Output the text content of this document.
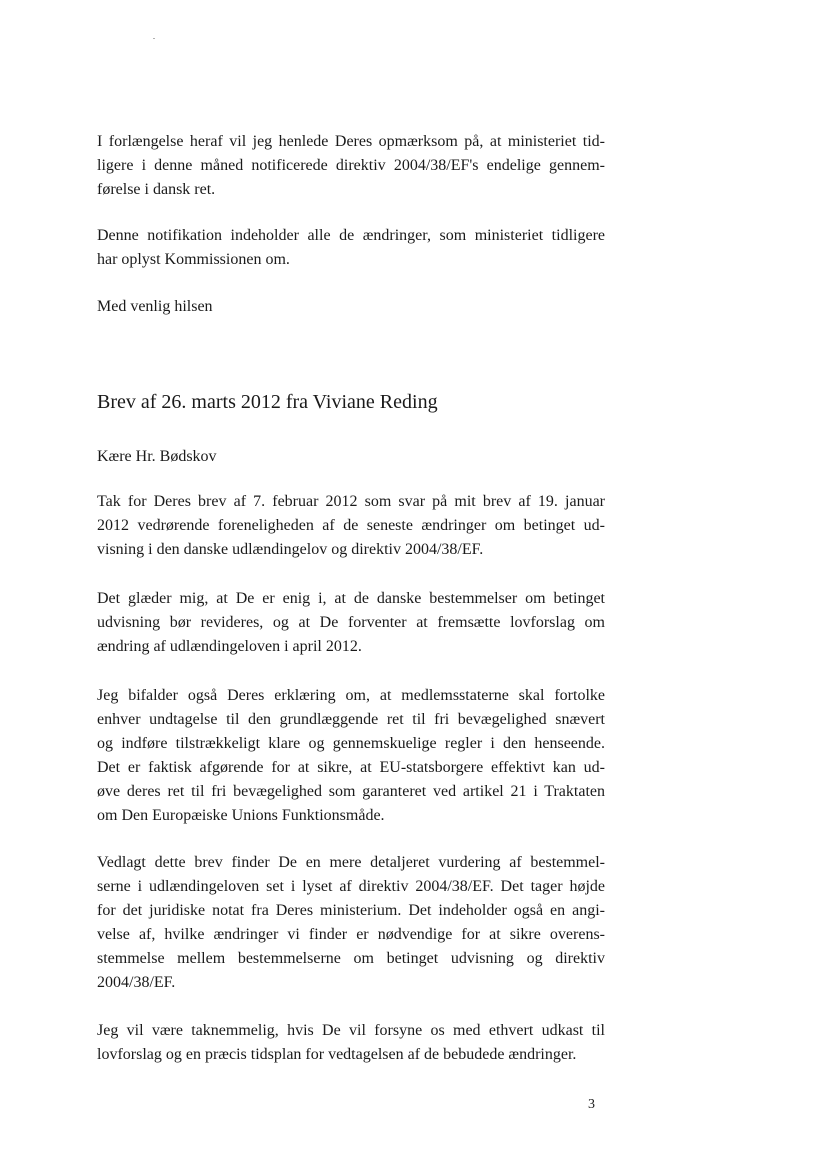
I forlængelse heraf vil jeg henlede Deres opmærksom på, at ministeriet tid-
ligere i denne måned notificerede direktiv 2004/38/EF's endelige gennem-
førelse i dansk ret.
Denne notifikation indeholder alle de ændringer, som ministeriet tidligere
har oplyst Kommissionen om.
Med venlig hilsen
Brev af 26. marts 2012 fra Viviane Reding
Kære Hr. Bødskov
Tak for Deres brev af 7. februar 2012 som svar på mit brev af 19. januar
2012 vedrørende foreneligheden af de seneste ændringer om betinget ud-
visning i den danske udlændingelov og direktiv 2004/38/EF.
Det glæder mig, at De er enig i, at de danske bestemmelser om betinget
udvisning bør revideres, og at De forventer at fremsætte lovforslag om
ændring af udlændingeloven i april 2012.
Jeg bifalder også Deres erklæring om, at medlemsstaterne skal fortolke
enhver undtagelse til den grundlæggende ret til fri bevægelighed snævert
og indføre tilstrækkeligt klare og gennemskuelige regler i den henseende.
Det er faktisk afgørende for at sikre, at EU-statsborgere effektivt kan ud-
øve deres ret til fri bevægelighed som garanteret ved artikel 21 i Traktaten
om Den Europæiske Unions Funktionsmåde.
Vedlagt dette brev finder De en mere detaljeret vurdering af bestemmel-
serne i udlændingeloven set i lyset af direktiv 2004/38/EF. Det tager højde
for det juridiske notat fra Deres ministerium. Det indeholder også en angi-
velse af, hvilke ændringer vi finder er nødvendige for at sikre overens-
stemmelse mellem bestemmelserne om betinget udvisning og direktiv
2004/38/EF.
Jeg vil være taknemmelig, hvis De vil forsyne os med ethvert udkast til
lovforslag og en præcis tidsplan for vedtagelsen af de bebudede ændringer.
3
